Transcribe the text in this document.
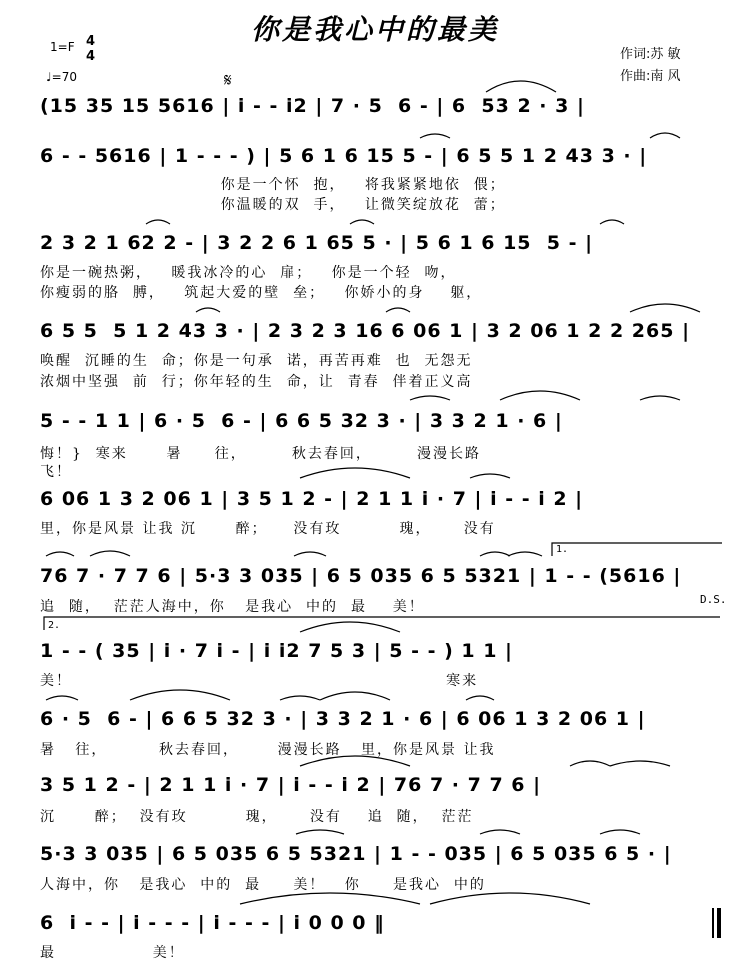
你是我心中的最美
1=F 4
4
♩=70
作词:苏 敏
作曲:南 风
𝄋
D.S.
1.
2.
(15 35 15 5616 | i - - i2 | 7 · 5  6 - | 6  53 2 · 3 |
6 - - 5616 | 1 - - - ) | 5 6 1 6 15 5 - | 6 5 5 1 2 43 3 · |
你是一个怀  抱，   将我紧紧地依  偎；
你温暖的双  手，   让微笑绽放花  蕾；
2 3 2 1 62 2 - | 3 2 2 6 1 65 5 · | 5 6 1 6 15  5 - |
你是一碗热粥，   暖我冰冷的心  扉；   你是一个轻  吻，
你瘦弱的胳  膊，   筑起大爱的壁  垒；   你娇小的身    躯，
6 5 5  5 1 2 43 3 · | 2 3 2 3 16 6 06 1 | 3 2 06 1 2 2 265 |
唤醒  沉睡的生  命；你是一句承  诺，再苦再难  也  无怨无
浓烟中坚强  前  行；你年轻的生  命，让  青春  伴着正义高
5 - - 1 1 | 6 · 5  6 - | 6 6 5 32 3 · | 3 3 2 1 · 6 |
悔！}  寒来      暑     往，       秋去春回，       漫漫长路
飞！
6 06 1 3 2 06 1 | 3 5 1 2 - | 2 1 1 i · 7 | i - - i 2 |
里，你是风景 让我 沉      醉；    没有玫         瑰，     没有
76 7 · 7 7 6 | 5·3 3 035 | 6 5 035 6 5 5321 | 1 - - (5616 |
追  随，  茫茫人海中，你   是我心  中的  最    美！
1 - - ( 35 | i · 7 i - | i i2 7 5 3 | 5 - - ) 1 1 |
美！                                                          寒来
6 · 5  6 - | 6 6 5 32 3 · | 3 3 2 1 · 6 | 6 06 1 3 2 06 1 |
暑   往，        秋去春回，      漫漫长路   里，你是风景 让我
3 5 1 2 - | 2 1 1 i · 7 | i - - i 2 | 76 7 · 7 7 6 |
沉      醉；  没有玫         瑰，     没有    追  随，  茫茫
5·3 3 035 | 6 5 035 6 5 5321 | 1 - - 035 | 6 5 035 6 5 · |
人海中，你   是我心  中的  最     美！   你     是我心  中的
6  i - - | i - - - | i - - - | i 0 0 0 ‖
最               美！
